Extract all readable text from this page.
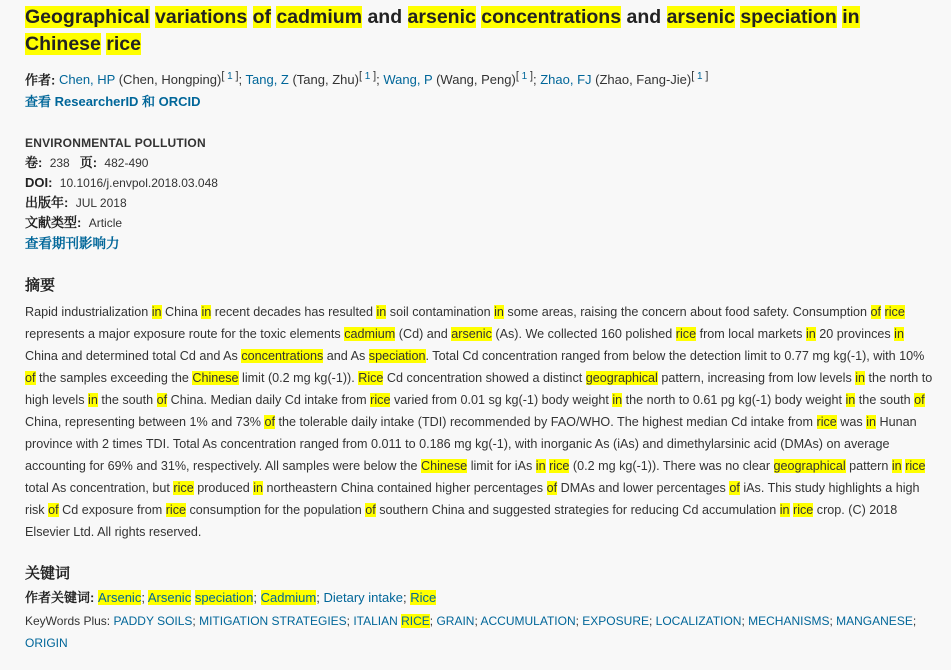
Geographical variations of cadmium and arsenic concentrations and arsenic speciation in Chinese rice
作者: Chen, HP (Chen, Hongping)[ 1 ]; Tang, Z (Tang, Zhu)[ 1 ]; Wang, P (Wang, Peng)[ 1 ]; Zhao, FJ (Zhao, Fang-Jie)[ 1 ]
查看 ResearcherID 和 ORCID
ENVIRONMENTAL POLLUTION
卷: 238 页: 482-490
DOI: 10.1016/j.envpol.2018.03.048
出版年: JUL 2018
文献类型: Article
查看期刊影响力
摘要
Rapid industrialization in China in recent decades has resulted in soil contamination in some areas, raising the concern about food safety. Consumption of rice represents a major exposure route for the toxic elements cadmium (Cd) and arsenic (As). We collected 160 polished rice from local markets in 20 provinces in China and determined total Cd and As concentrations and As speciation. Total Cd concentration ranged from below the detection limit to 0.77 mg kg(-1), with 10% of the samples exceeding the Chinese limit (0.2 mg kg(-1)). Rice Cd concentration showed a distinct geographical pattern, increasing from low levels in the north to high levels in the south of China. Median daily Cd intake from rice varied from 0.01 sg kg(-1) body weight in the north to 0.61 pg kg(-1) body weight in the south of China, representing between 1% and 73% of the tolerable daily intake (TDI) recommended by FAO/WHO. The highest median Cd intake from rice was in Hunan province with 2 times TDI. Total As concentration ranged from 0.011 to 0.186 mg kg(-1), with inorganic As (iAs) and dimethylarsinic acid (DMAs) on average accounting for 69% and 31%, respectively. All samples were below the Chinese limit for iAs in rice (0.2 mg kg(-1)). There was no clear geographical pattern in rice total As concentration, but rice produced in northeastern China contained higher percentages of DMAs and lower percentages of iAs. This study highlights a high risk of Cd exposure from rice consumption for the population of southern China and suggested strategies for reducing Cd accumulation in rice crop. (C) 2018 Elsevier Ltd. All rights reserved.
关键词
作者关键词: Arsenic; Arsenic speciation; Cadmium; Dietary intake; Rice
KeyWords Plus: PADDY SOILS; MITIGATION STRATEGIES; ITALIAN RICE; GRAIN; ACCUMULATION; EXPOSURE; LOCALIZATION; MECHANISMS; MANGANESE; ORIGIN
